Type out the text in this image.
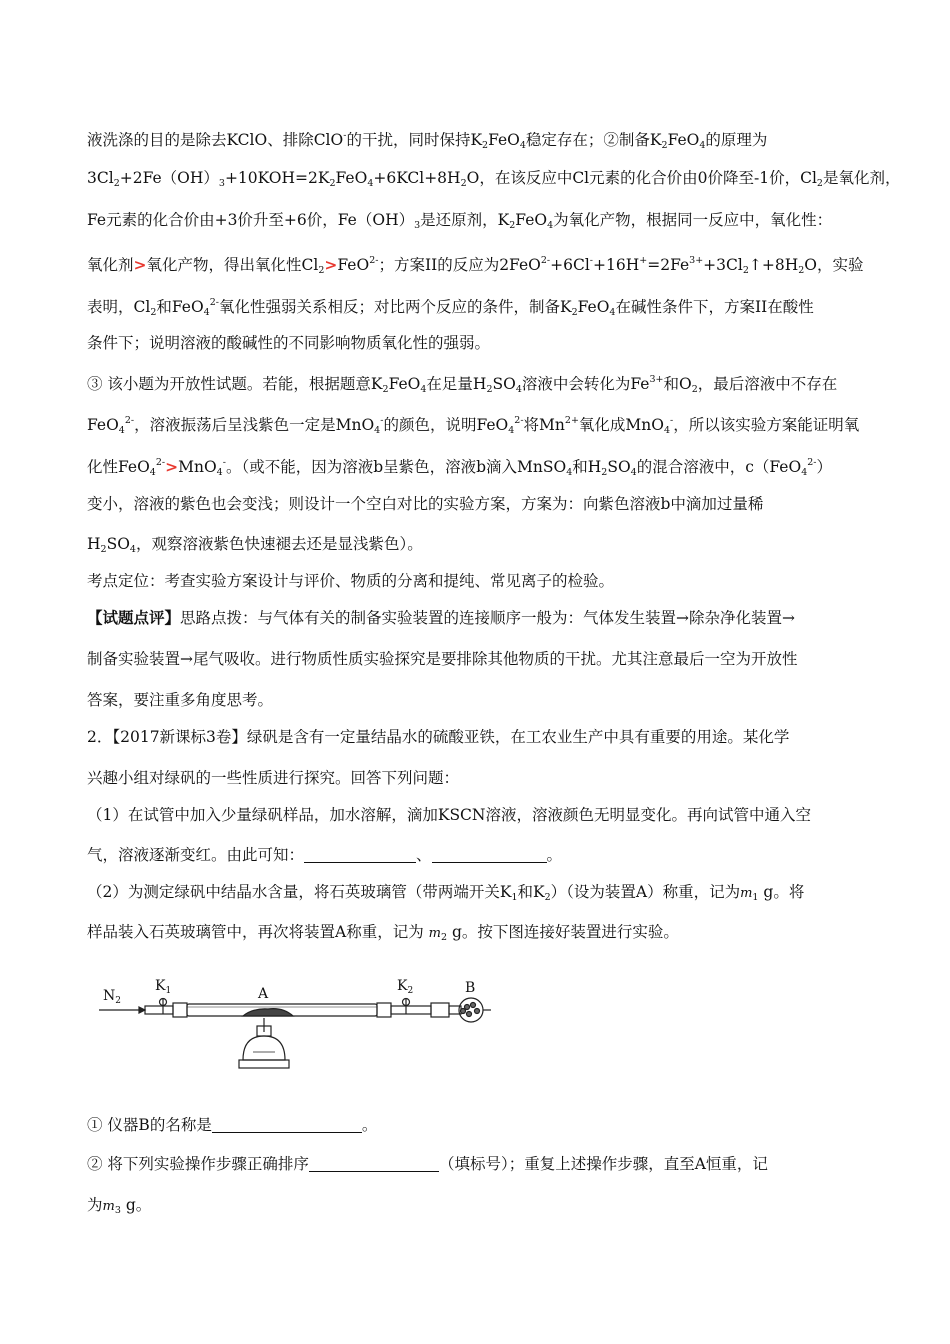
液洗涤的目的是除去KClO、排除ClO-的干扰，同时保持$K_2FeO_4$稳定存在；②制备$K_2FeO_4$的原理为
$3Cl_2+2Fe(OH)_3+10KOH=2K_2FeO_4+6KCl+8H_2O$，在该反应中Cl元素的化合价由0价降至-1价，$Cl_2$是氧化剂，
Fe元素的化合价由+3价升至+6价，$Fe(OH)_3$是还原剂，$K_2FeO_4$为氧化产物，根据同一反应中，氧化性：
氧化剂>氧化产物，得出氧化性$Cl_2>FeO^{2-}$；方案II的反应为$2FeO^{2-}+6Cl^-+16H^+=2Fe^{3+}+3Cl_2↑+8H_2O$，实验
表明，$Cl_2$和FeO$_4^{2-}$氧化性强弱关系相反；对比两个反应的条件，制备$K_2FeO_4$在碱性条件下，方案II在酸性
条件下；说明溶液的酸碱性的不同影响物质氧化性的强弱。
③ 该小题为开放性试题。若能，根据题意$K_2FeO_4$在足量$H_2SO_4$溶液中会转化为$Fe^{3+}$和$O_2$，最后溶液中不存在
FeO$_4^{2-}$，溶液振荡后呈浅紫色一定是MnO$_4$-的颜色，说明FeO$_4^{2-}$将$Mn^{2+}$氧化成MnO$_4$-，所以该实验方案能证明氧
化性FeO$_4^{2-}$>MnO$_4$-。（或不能，因为溶液b呈紫色，溶液b滴入MnSO$_4$和$H_2SO_4$的混合溶液中，c（FeO$_4^{2-}$）
变小，溶液的紫色也会变浅；则设计一个空白对比的实验方案，方案为：向紫色溶液b中滴加过量稀
$H_2SO_4$，观察溶液紫色快速褪去还是显浅紫色）。
考点定位：考查实验方案设计与评价、物质的分离和提纯、常见离子的检验。
【试题点评】思路点拨：与气体有关的制备实验装置的连接顺序一般为：气体发生装置→除杂净化装置→
制备实验装置→尾气吸收。进行物质性质实验探究是要排除其他物质的干扰。尤其注意最后一空为开放性
答案，要注重多角度思考。
2．【2017新课标3卷】绿矾是含有一定量结晶水的硫酸亚铁，在工农业生产中具有重要的用途。某化学
兴趣小组对绿矾的一些性质进行探究。回答下列问题：
（1）在试管中加入少量绿矾样品，加水溶解，滴加KSCN溶液，溶液颜色无明显变化。再向试管中通入空
气，溶液逐渐变红。由此可知：	、	。
（2）为测定绿矾中结晶水含量，将石英玻璃管（带两端开关$K_1$和$K_2$）（设为装置A）称重，记为$m_1$ g。将
样品装入石英玻璃管中，再次将装置A称重，记为 $m_2$ g。按下图连接好装置进行实验。
$N_2$
$K_1$	A	$K_2$	B
① 仪器B的名称是	。
② 将下列实验操作步骤正确排序	（填标号）；重复上述操作步骤，直至A恒重，记
为$m_3$ g。
